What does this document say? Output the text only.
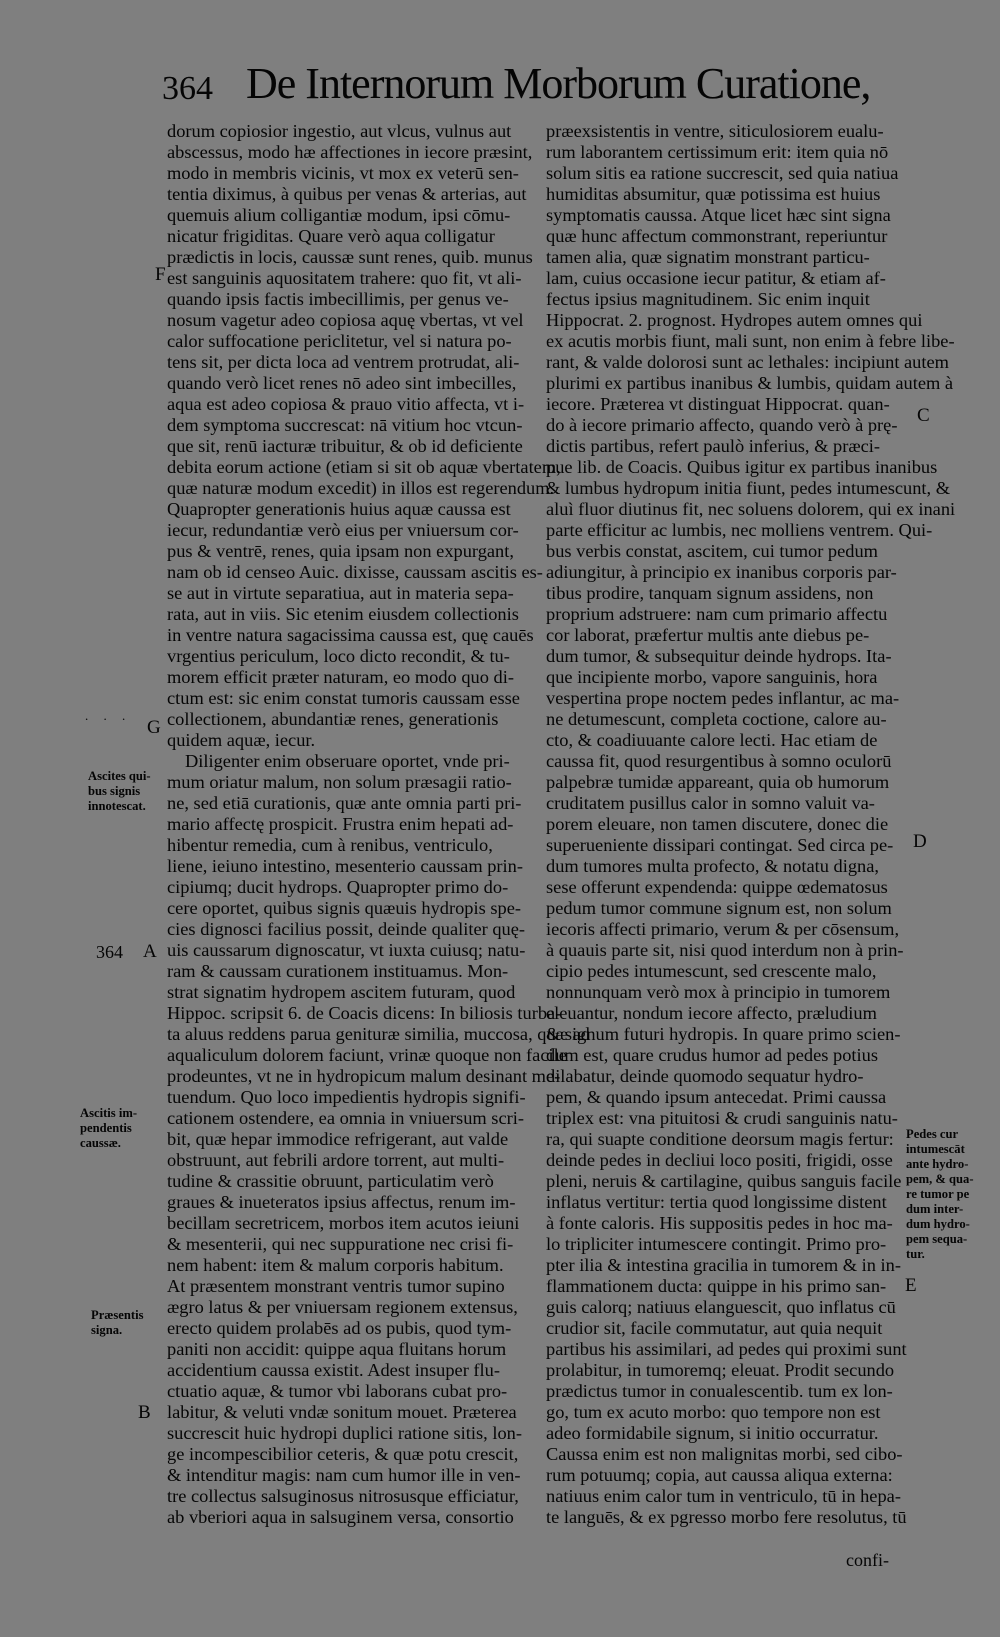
364 De Internorum Morborum Curatione,

dorum copiosior ingestio, aut vlcus, vulnus aut

abscessus, modo hæ affectiones in iecore præsint,

modo in membris vicinis, vt mox ex veterū sen-

tentia diximus, à quibus per venas & arterias, aut

quemuis alium colligantiæ modum, ipsi cōmu-

nicatur frigiditas. Quare verò aqua colligatur

prædictis in locis, caussæ sunt renes, quib. munus

est sanguinis aquositatem trahere: quo fit, vt ali-

quando ipsis factis imbecillimis, per genus ve-

nosum vagetur adeo copiosa aquę vbertas, vt vel

calor suffocatione periclitetur, vel si natura po-

tens sit, per dicta loca ad ventrem protrudat, ali-

quando verò licet renes nō adeo sint imbecilles,

aqua est adeo copiosa & prauo vitio affecta, vt i-

dem symptoma succrescat: nā vitium hoc vtcun-

que sit, renū iacturæ tribuitur, & ob id deficiente

debita eorum actione (etiam si sit ob aquæ vbertatem,

quæ naturæ modum excedit) in illos est regerendum.

Quapropter generationis huius aquæ caussa est

iecur, redundantiæ verò eius per vniuersum cor-

pus & ventrē, renes, quia ipsam non expurgant,

nam ob id censeo Auic. dixisse, caussam ascitis es-

se aut in virtute separatiua, aut in materia sepa-

rata, aut in viis. Sic etenim eiusdem collectionis

in ventre natura sagacissima caussa est, quę cauēs

vrgentius periculum, loco dicto recondit, & tu-

morem efficit præter naturam, eo modo quo di-

ctum est: sic enim constat tumoris caussam esse

collectionem, abundantiæ renes, generationis

quidem aquæ, iecur.

Diligenter enim obseruare oportet, vnde pri-

mum oriatur malum, non solum præsagii ratio-

ne, sed etiā curationis, quæ ante omnia parti pri-

mario affectę prospicit. Frustra enim hepati ad-

hibentur remedia, cum à renibus, ventriculo,

liene, ieiuno intestino, mesenterio caussam prin-

cipiumq; ducit hydrops. Quapropter primo do-

cere oportet, quibus signis quæuis hydropis spe-

cies dignosci facilius possit, deinde qualiter quę-

uis caussarum dignoscatur, vt iuxta cuiusq; natu-

ram & caussam curationem instituamus. Mon-

strat signatim hydropem ascitem futuram, quod

Hippoc. scripsit 6. de Coacis dicens: In biliosis turba-

ta aluus reddens parua genituræ similia, muccosa, quæ ad

aqualiculum dolorem faciunt, vrinæ quoque non facile

prodeuntes, vt ne in hydropicum malum desinant me-

tuendum. Quo loco impedientis hydropis signifi-

cationem ostendere, ea omnia in vniuersum scri-

bit, quæ hepar immodice refrigerant, aut valde

obstruunt, aut febrili ardore torrent, aut multi-

tudine & crassitie obruunt, particulatim verò

graues & inueteratos ipsius affectus, renum im-

becillam secretricem, morbos item acutos ieiuni

& mesenterii, qui nec suppuratione nec crisi fi-

nem habent: item & malum corporis habitum.

At præsentem monstrant ventris tumor supino

ægro latus & per vniuersam regionem extensus,

erecto quidem prolabēs ad os pubis, quod tym-

paniti non accidit: quippe aqua fluitans horum

accidentium caussa existit. Adest insuper flu-

ctuatio aquæ, & tumor vbi laborans cubat pro-

labitur, & veluti vndæ sonitum mouet. Præterea

succrescit huic hydropi duplici ratione sitis, lon-

ge incompescibilior ceteris, & quæ potu crescit,

& intenditur magis: nam cum humor ille in ven-

tre collectus salsuginosus nitrosusque efficiatur,

ab vberiori aqua in salsuginem versa, consortio

præexsistentis in ventre, siticulosiorem eualu-

rum laborantem certissimum erit: item quia nō

solum sitis ea ratione succrescit, sed quia natiua

humiditas absumitur, quæ potissima est huius

symptomatis caussa. Atque licet hæc sint signa

quæ hunc affectum commonstrant, reperiuntur

tamen alia, quæ signatim monstrant particu-

lam, cuius occasione iecur patitur, & etiam af-

fectus ipsius magnitudinem. Sic enim inquit

Hippocrat. 2. prognost. Hydropes autem omnes qui

ex acutis morbis fiunt, mali sunt, non enim à febre libe-

rant, & valde dolorosi sunt ac lethales: incipiunt autem

plurimi ex partibus inanibus & lumbis, quidam autem à

iecore. Præterea vt distinguat Hippocrat. quan-

do à iecore primario affecto, quando verò à prę-

dictis partibus, refert paulò inferius, & præci-

pue lib. de Coacis. Quibus igitur ex partibus inanibus

& lumbus hydropum initia fiunt, pedes intumescunt, &

aluì fluor diutinus fit, nec soluens dolorem, qui ex inani

parte efficitur ac lumbis, nec molliens ventrem. Qui-

bus verbis constat, ascitem, cui tumor pedum

adiungitur, à principio ex inanibus corporis par-

tibus prodire, tanquam signum assidens, non

proprium adstruere: nam cum primario affectu

cor laborat, præfertur multis ante diebus pe-

dum tumor, & subsequitur deinde hydrops. Ita-

que incipiente morbo, vapore sanguinis, hora

vespertina prope noctem pedes inflantur, ac ma-

ne detumescunt, completa coctione, calore au-

cto, & coadiuuante calore lecti. Hac etiam de

caussa fit, quod resurgentibus à somno oculorū

palpebræ tumidæ appareant, quia ob humorum

cruditatem pusillus calor in somno valuit va-

porem eleuare, non tamen discutere, donec die

superueniente dissipari contingat. Sed circa pe-

dum tumores multa profecto, & notatu digna,

sese offerunt expendenda: quippe œdematosus

pedum tumor commune signum est, non solum

iecoris affecti primario, verum & per cōsensum,

à quauis parte sit, nisi quod interdum non à prin-

cipio pedes intumescunt, sed crescente malo,

nonnunquam verò mox à principio in tumorem

eleuantur, nondum iecore affecto, præludium

& signum futuri hydropis. In quare primo scien-

dum est, quare crudus humor ad pedes potius

dilabatur, deinde quomodo sequatur hydro-

pem, & quando ipsum antecedat. Primi caussa

triplex est: vna pituitosi & crudi sanguinis natu-

ra, qui suapte conditione deorsum magis fertur:

deinde pedes in decliui loco positi, frigidi, osse

pleni, neruis & cartilagine, quibus sanguis facile

inflatus vertitur: tertia quod longissime distent

à fonte caloris. His suppositis pedes in hoc ma-

lo tripliciter intumescere contingit. Primo pro-

pter ilia & intestina gracilia in tumorem & in in-

flammationem ducta: quippe in his primo san-

guis calorq; natiuus elanguescit, quo inflatus cū

crudior sit, facile commutatur, aut quia nequit

partibus his assimilari, ad pedes qui proximi sunt

prolabitur, in tumoremq; eleuat. Prodit secundo

prædictus tumor in conualescentib. tum ex lon-

go, tum ex acuto morbo: quo tempore non est

adeo formidabile signum, si initio occurratur.

Caussa enim est non malignitas morbi, sed cibo-

rum potuumq; copia, aut caussa aliqua externa:

natiuus enim calor tum in ventriculo, tū in hepa-

te languēs, & ex pgresso morbo fere resolutus, tū

Ascites qui-
bus signis
innotescat.
Ascitis im-
pendentis
caussæ.
Præsentis
signa.
Pedes cur
intumescāt
ante hydro-
pem, & qua-
re tumor pe
dum inter-
dum hydro-
pem sequa-
tur.
F
G
A
B
C
D
E
364
. . .
confi-
